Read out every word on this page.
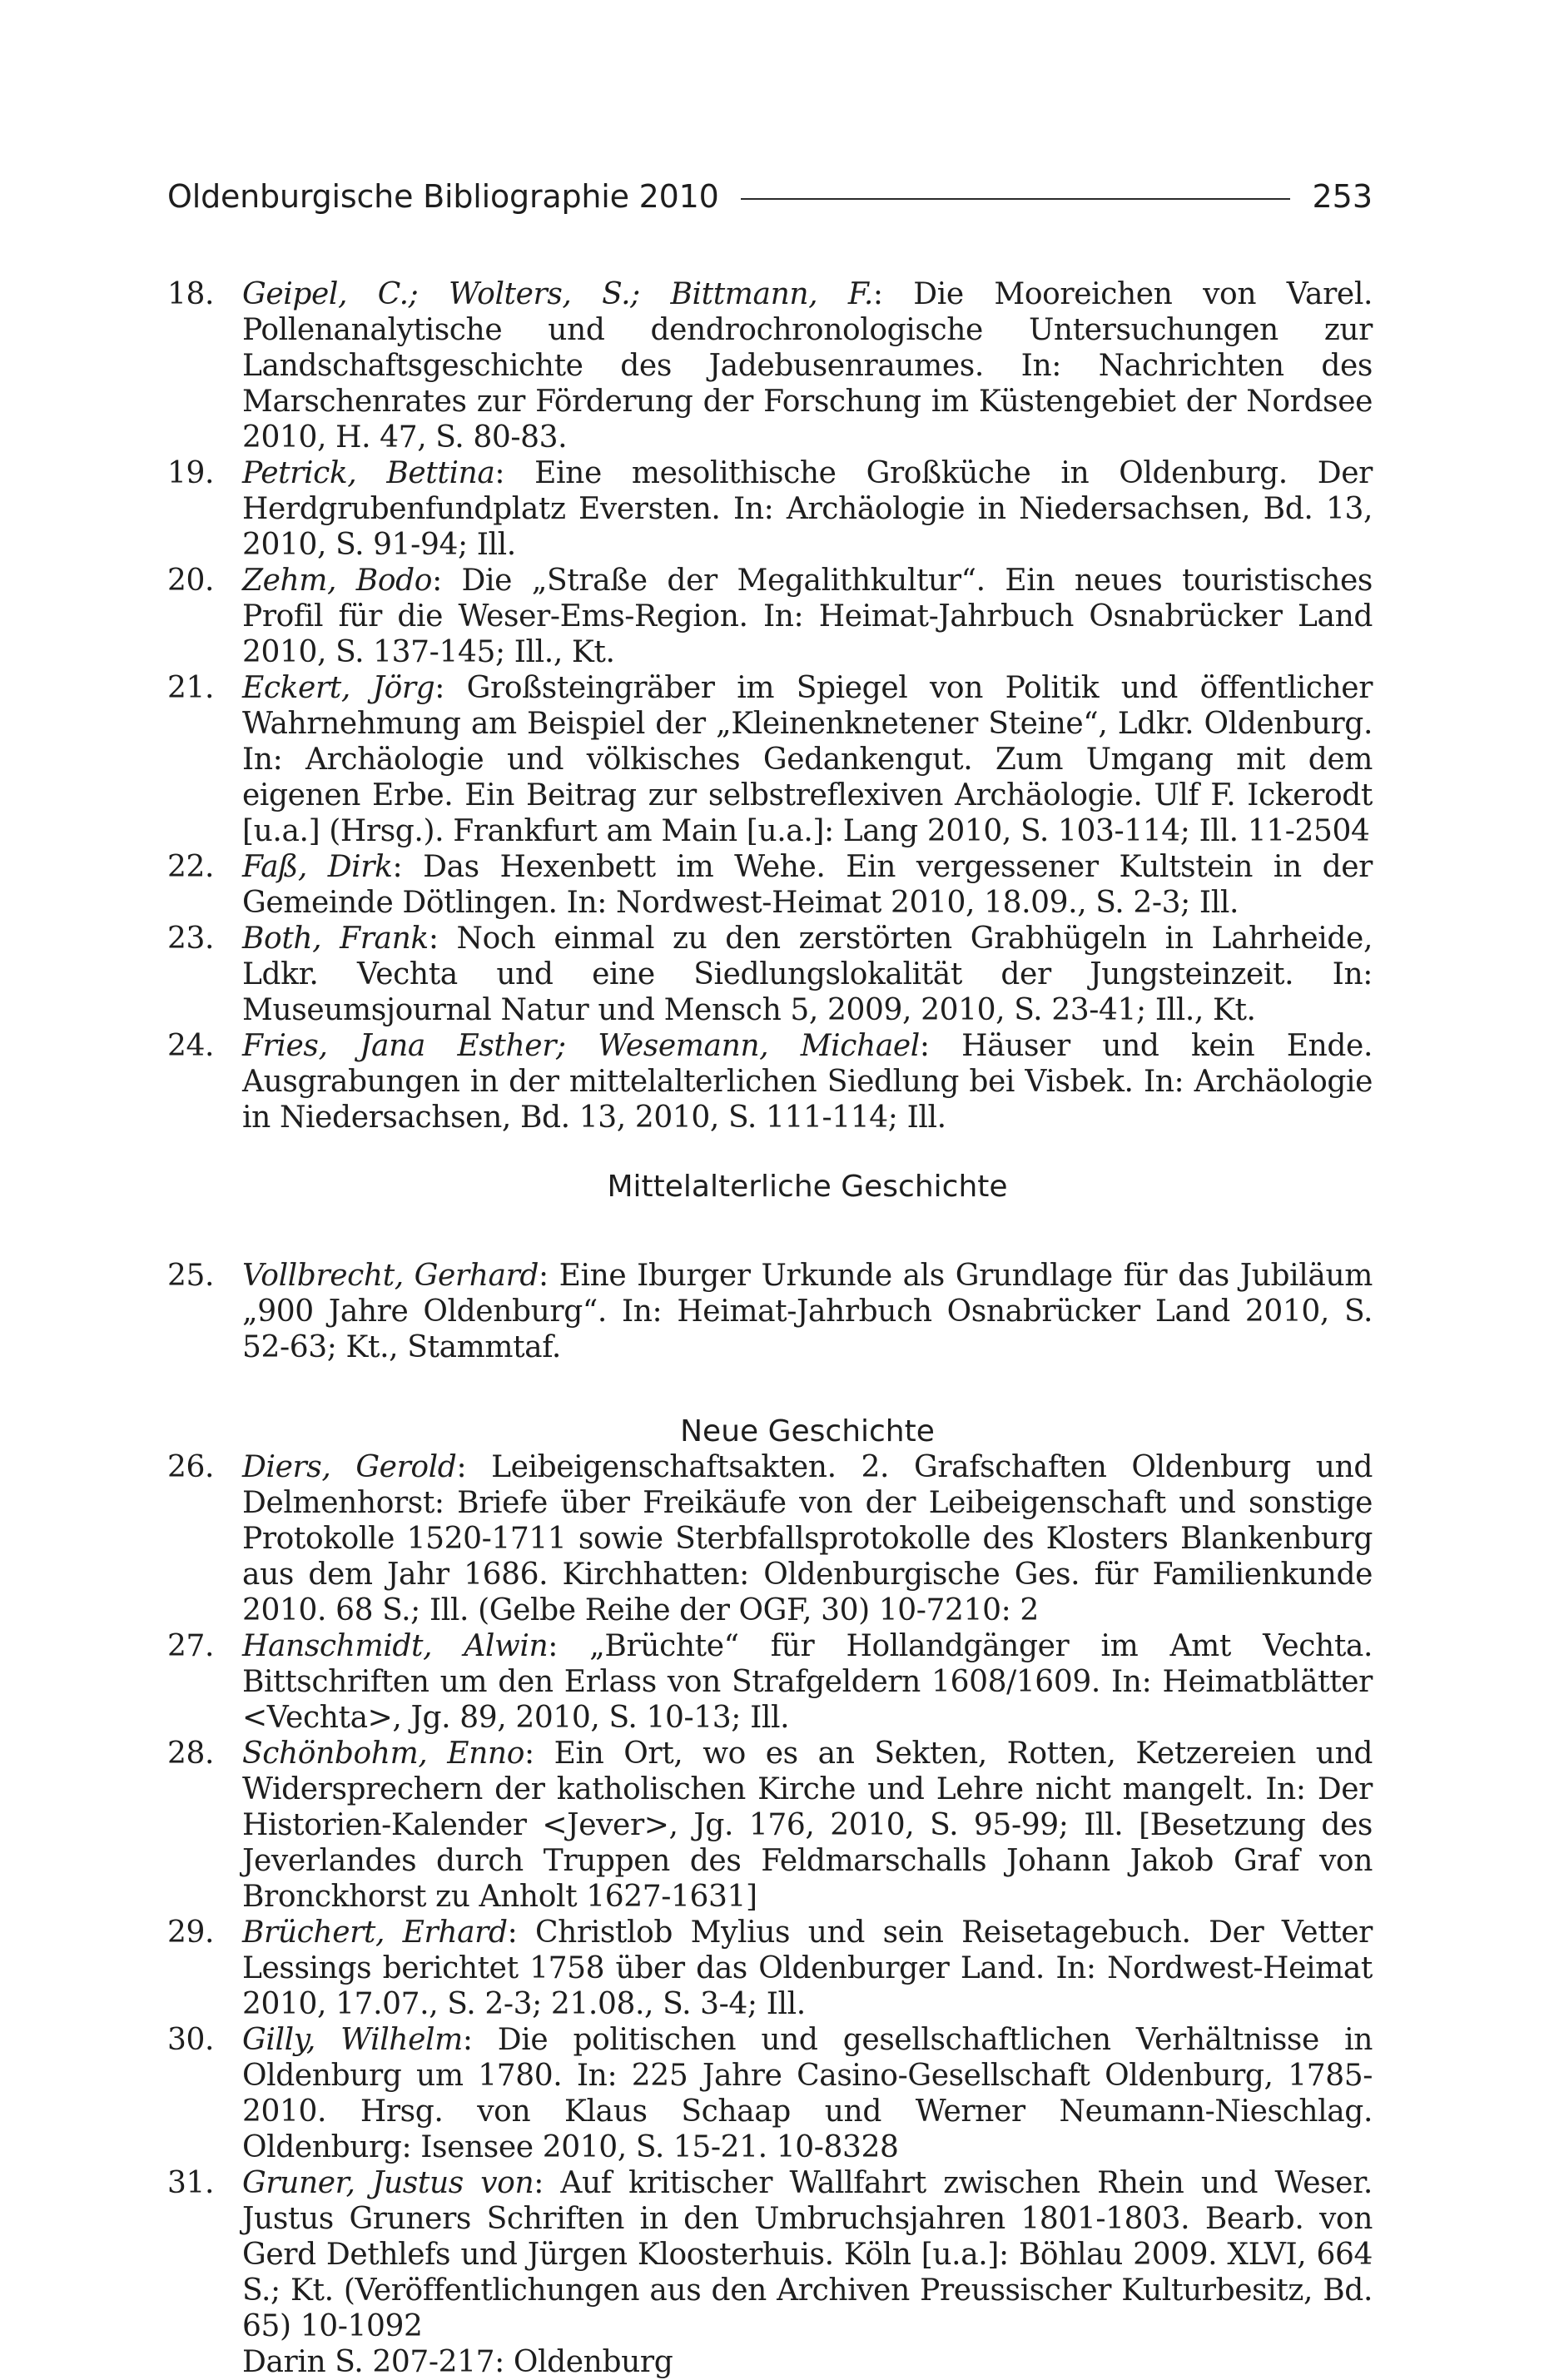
Oldenburgische Bibliographie 2010	253

18. Geipel, C.; Wolters, S.; Bittmann, F.: Die Mooreichen von Varel. Pollenanalytische und dendrochronologische Untersuchungen zur Landschaftsgeschichte des Jadebusenraumes. In: Nachrichten des Marschenrates zur Förderung der Forschung im Küstengebiet der Nordsee 2010, H. 47, S. 80-83.

19. Petrick, Bettina: Eine mesolithische Großküche in Oldenburg. Der Herdgrubenfundplatz Eversten. In: Archäologie in Niedersachsen, Bd. 13, 2010, S. 91-94; Ill.

20. Zehm, Bodo: Die „Straße der Megalithkultur“. Ein neues touristisches Profil für die Weser-Ems-Region. In: Heimat-Jahrbuch Osnabrücker Land 2010, S. 137-145; Ill., Kt.

21. Eckert, Jörg: Großsteingräber im Spiegel von Politik und öffentlicher Wahrnehmung am Beispiel der „Kleinenknetener Steine“, Ldkr. Oldenburg. In: Archäologie und völkisches Gedankengut. Zum Umgang mit dem eigenen Erbe. Ein Beitrag zur selbstreflexiven Archäologie. Ulf F. Ickerodt [u.a.] (Hrsg.). Frankfurt am Main [u.a.]: Lang 2010, S. 103-114; Ill. 11-2504

22. Faß, Dirk: Das Hexenbett im Wehe. Ein vergessener Kultstein in der Gemeinde Dötlingen. In: Nordwest-Heimat 2010, 18.09., S. 2-3; Ill.

23. Both, Frank: Noch einmal zu den zerstörten Grabhügeln in Lahrheide, Ldkr. Vechta und eine Siedlungslokalität der Jungsteinzeit. In: Museumsjournal Natur und Mensch 5, 2009, 2010, S. 23-41; Ill., Kt.

24. Fries, Jana Esther; Wesemann, Michael: Häuser und kein Ende. Ausgrabungen in der mittelalterlichen Siedlung bei Visbek. In: Archäologie in Niedersachsen, Bd. 13, 2010, S. 111-114; Ill.

Mittelalterliche Geschichte

25. Vollbrecht, Gerhard: Eine Iburger Urkunde als Grundlage für das Jubiläum „900 Jahre Oldenburg“. In: Heimat-Jahrbuch Osnabrücker Land 2010, S. 52-63; Kt., Stammtaf.

Neue Geschichte

26. Diers, Gerold: Leibeigenschaftsakten. 2. Grafschaften Oldenburg und Delmenhorst: Briefe über Freikäufe von der Leibeigenschaft und sonstige Protokolle 1520-1711 sowie Sterbfallsprotokolle des Klosters Blankenburg aus dem Jahr 1686. Kirchhatten: Oldenburgische Ges. für Familienkunde 2010. 68 S.; Ill. (Gelbe Reihe der OGF, 30) 10-7210: 2

27. Hanschmidt, Alwin: „Brüchte“ für Hollandgänger im Amt Vechta. Bittschriften um den Erlass von Strafgeldern 1608/1609. In: Heimatblätter <Vechta>, Jg. 89, 2010, S. 10-13; Ill.

28. Schönbohm, Enno: Ein Ort, wo es an Sekten, Rotten, Ketzereien und Widersprechern der katholischen Kirche und Lehre nicht mangelt. In: Der Historien-Kalender <Jever>, Jg. 176, 2010, S. 95-99; Ill. [Besetzung des Jeverlandes durch Truppen des Feldmarschalls Johann Jakob Graf von Bronckhorst zu Anholt 1627-1631]

29. Brüchert, Erhard: Christlob Mylius und sein Reisetagebuch. Der Vetter Lessings berichtet 1758 über das Oldenburger Land. In: Nordwest-Heimat 2010, 17.07., S. 2-3; 21.08., S. 3-4; Ill.

30. Gilly, Wilhelm: Die politischen und gesellschaftlichen Verhältnisse in Oldenburg um 1780. In: 225 Jahre Casino-Gesellschaft Oldenburg, 1785-2010. Hrsg. von Klaus Schaap und Werner Neumann-Nieschlag. Oldenburg: Isensee 2010, S. 15-21. 10-8328

31. Gruner, Justus von: Auf kritischer Wallfahrt zwischen Rhein und Weser. Justus Gruners Schriften in den Umbruchsjahren 1801-1803. Bearb. von Gerd Dethlefs und Jürgen Kloosterhuis. Köln [u.a.]: Böhlau 2009. XLVI, 664 S.; Kt. (Veröffentlichungen aus den Archiven Preussischer Kulturbesitz, Bd. 65) 10-1092
Darin S. 207-217: Oldenburg
